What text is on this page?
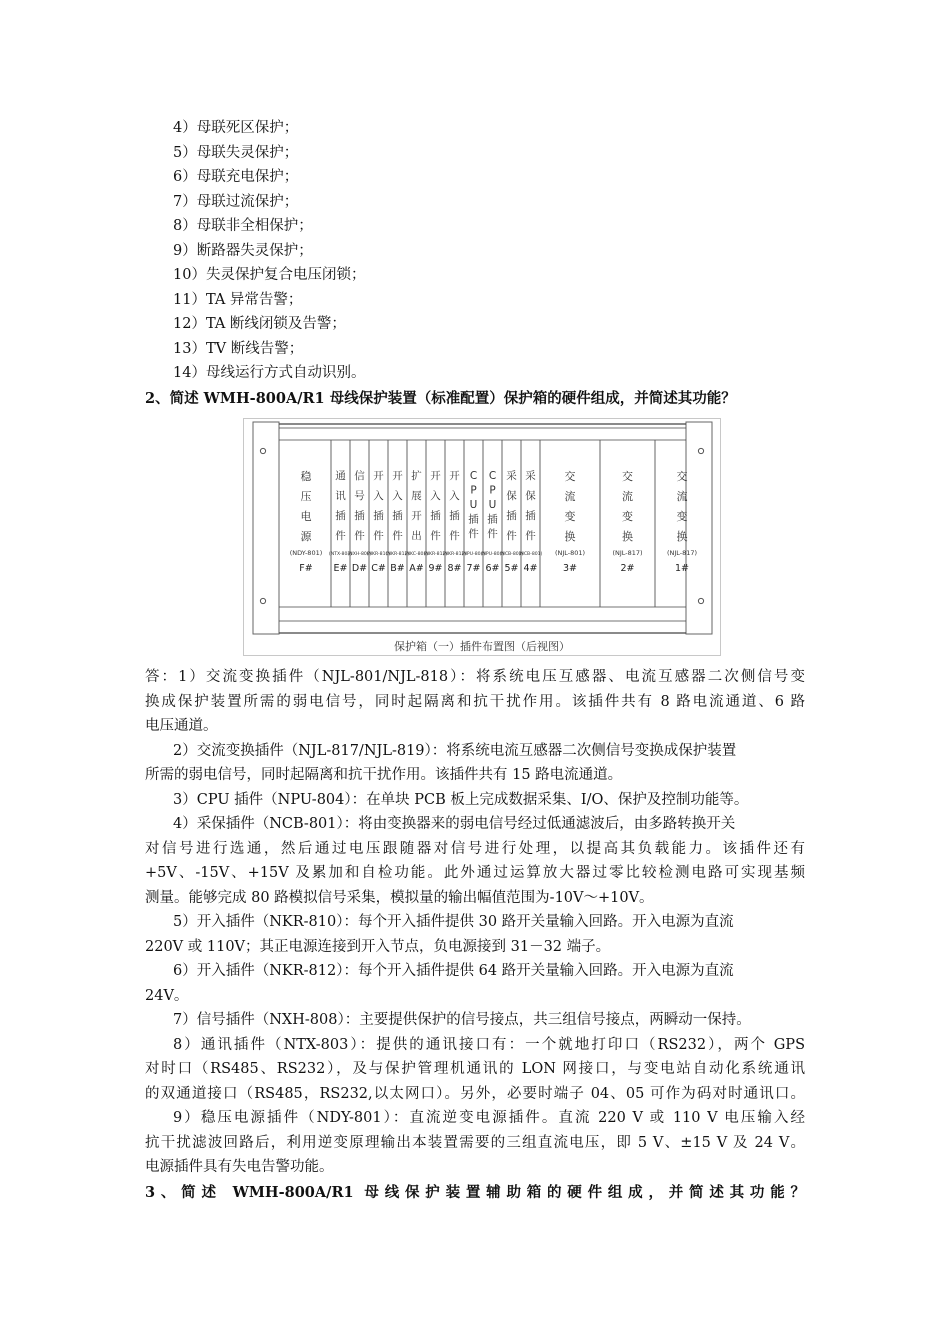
4）母联死区保护；
5）母联失灵保护；
6）母联充电保护；
7）母联过流保护；
8）母联非全相保护；
9）断路器失灵保护；
10）失灵保护复合电压闭锁；
11）TA 异常告警；
12）TA 断线闭锁及告警；
13）TV 断线告警；
14）母线运行方式自动识别。
2、简述 WMH-800A/R1 母线保护装置（标准配置）保护箱的硬件组成，并简述其功能？
稳压电源
(NDY-801)
F#
通讯插件
(NTX-803)
E#
信号插件
(NXH-808)
D#
开入插件
(NKR-810)
C#
开入插件
(NKR-812)
B#
扩展开出
(NKC-808)
A#
开入插件
(NKR-812)
9#
开入插件
(NKR-812)
8#
C P U 插件
(NPU-804)
7#
C P U 插件
(NPU-804)
6#
采保插件
(NCB-801)
5#
采保插件
(NCB-801)
4#
交流变换
(NJL-801)
3#
交流变换
(NJL-817)
2#
交流变换
(NJL-817)
1#
保护箱（一）插件布置图（后视图）
答：1）交流变换插件（NJL-801/NJL-818）：将系统电压互感器、电流互感器二次侧信号变
换成保护装置所需的弱电信号，同时起隔离和抗干扰作用。该插件共有 8 路电流通道、6 路
电压通道。
2）交流变换插件（NJL-817/NJL-819）：将系统电流互感器二次侧信号变换成保护装置
所需的弱电信号，同时起隔离和抗干扰作用。该插件共有 15 路电流通道。
3）CPU 插件（NPU-804）：在单块 PCB 板上完成数据采集、I/O、保护及控制功能等。
4）采保插件（NCB-801）：将由变换器来的弱电信号经过低通滤波后，由多路转换开关
对信号进行选通，然后通过电压跟随器对信号进行处理，以提高其负载能力。该插件还有
+5V、-15V、+15V 及累加和自检功能。此外通过运算放大器过零比较检测电路可实现基频
测量。能够完成 80 路模拟信号采集，模拟量的输出幅值范围为-10V～+10V。
5）开入插件（NKR-810）：每个开入插件提供 30 路开关量输入回路。开入电源为直流
220V 或 110V；其正电源连接到开入节点，负电源接到 31－32 端子。
6）开入插件（NKR-812）：每个开入插件提供 64 路开关量输入回路。开入电源为直流
24V。
7）信号插件（NXH-808）：主要提供保护的信号接点，共三组信号接点，两瞬动一保持。
8）通讯插件（NTX-803）：提供的通讯接口有：一个就地打印口（RS232），两个 GPS
对时口（RS485、RS232），及与保护管理机通讯的 LON 网接口，与变电站自动化系统通讯
的双通道接口（RS485，RS232,以太网口）。另外，必要时端子 04、05 可作为码对时通讯口。
9）稳压电源插件（NDY-801）：直流逆变电源插件。直流 220 V 或 110 V 电压输入经
抗干扰滤波回路后，利用逆变原理输出本装置需要的三组直流电压，即 5 V、±15 V 及 24 V。
电源插件具有失电告警功能。
3、简述 WMH-800A/R1 母线保护装置辅助箱的硬件组成，并简述其功能？
